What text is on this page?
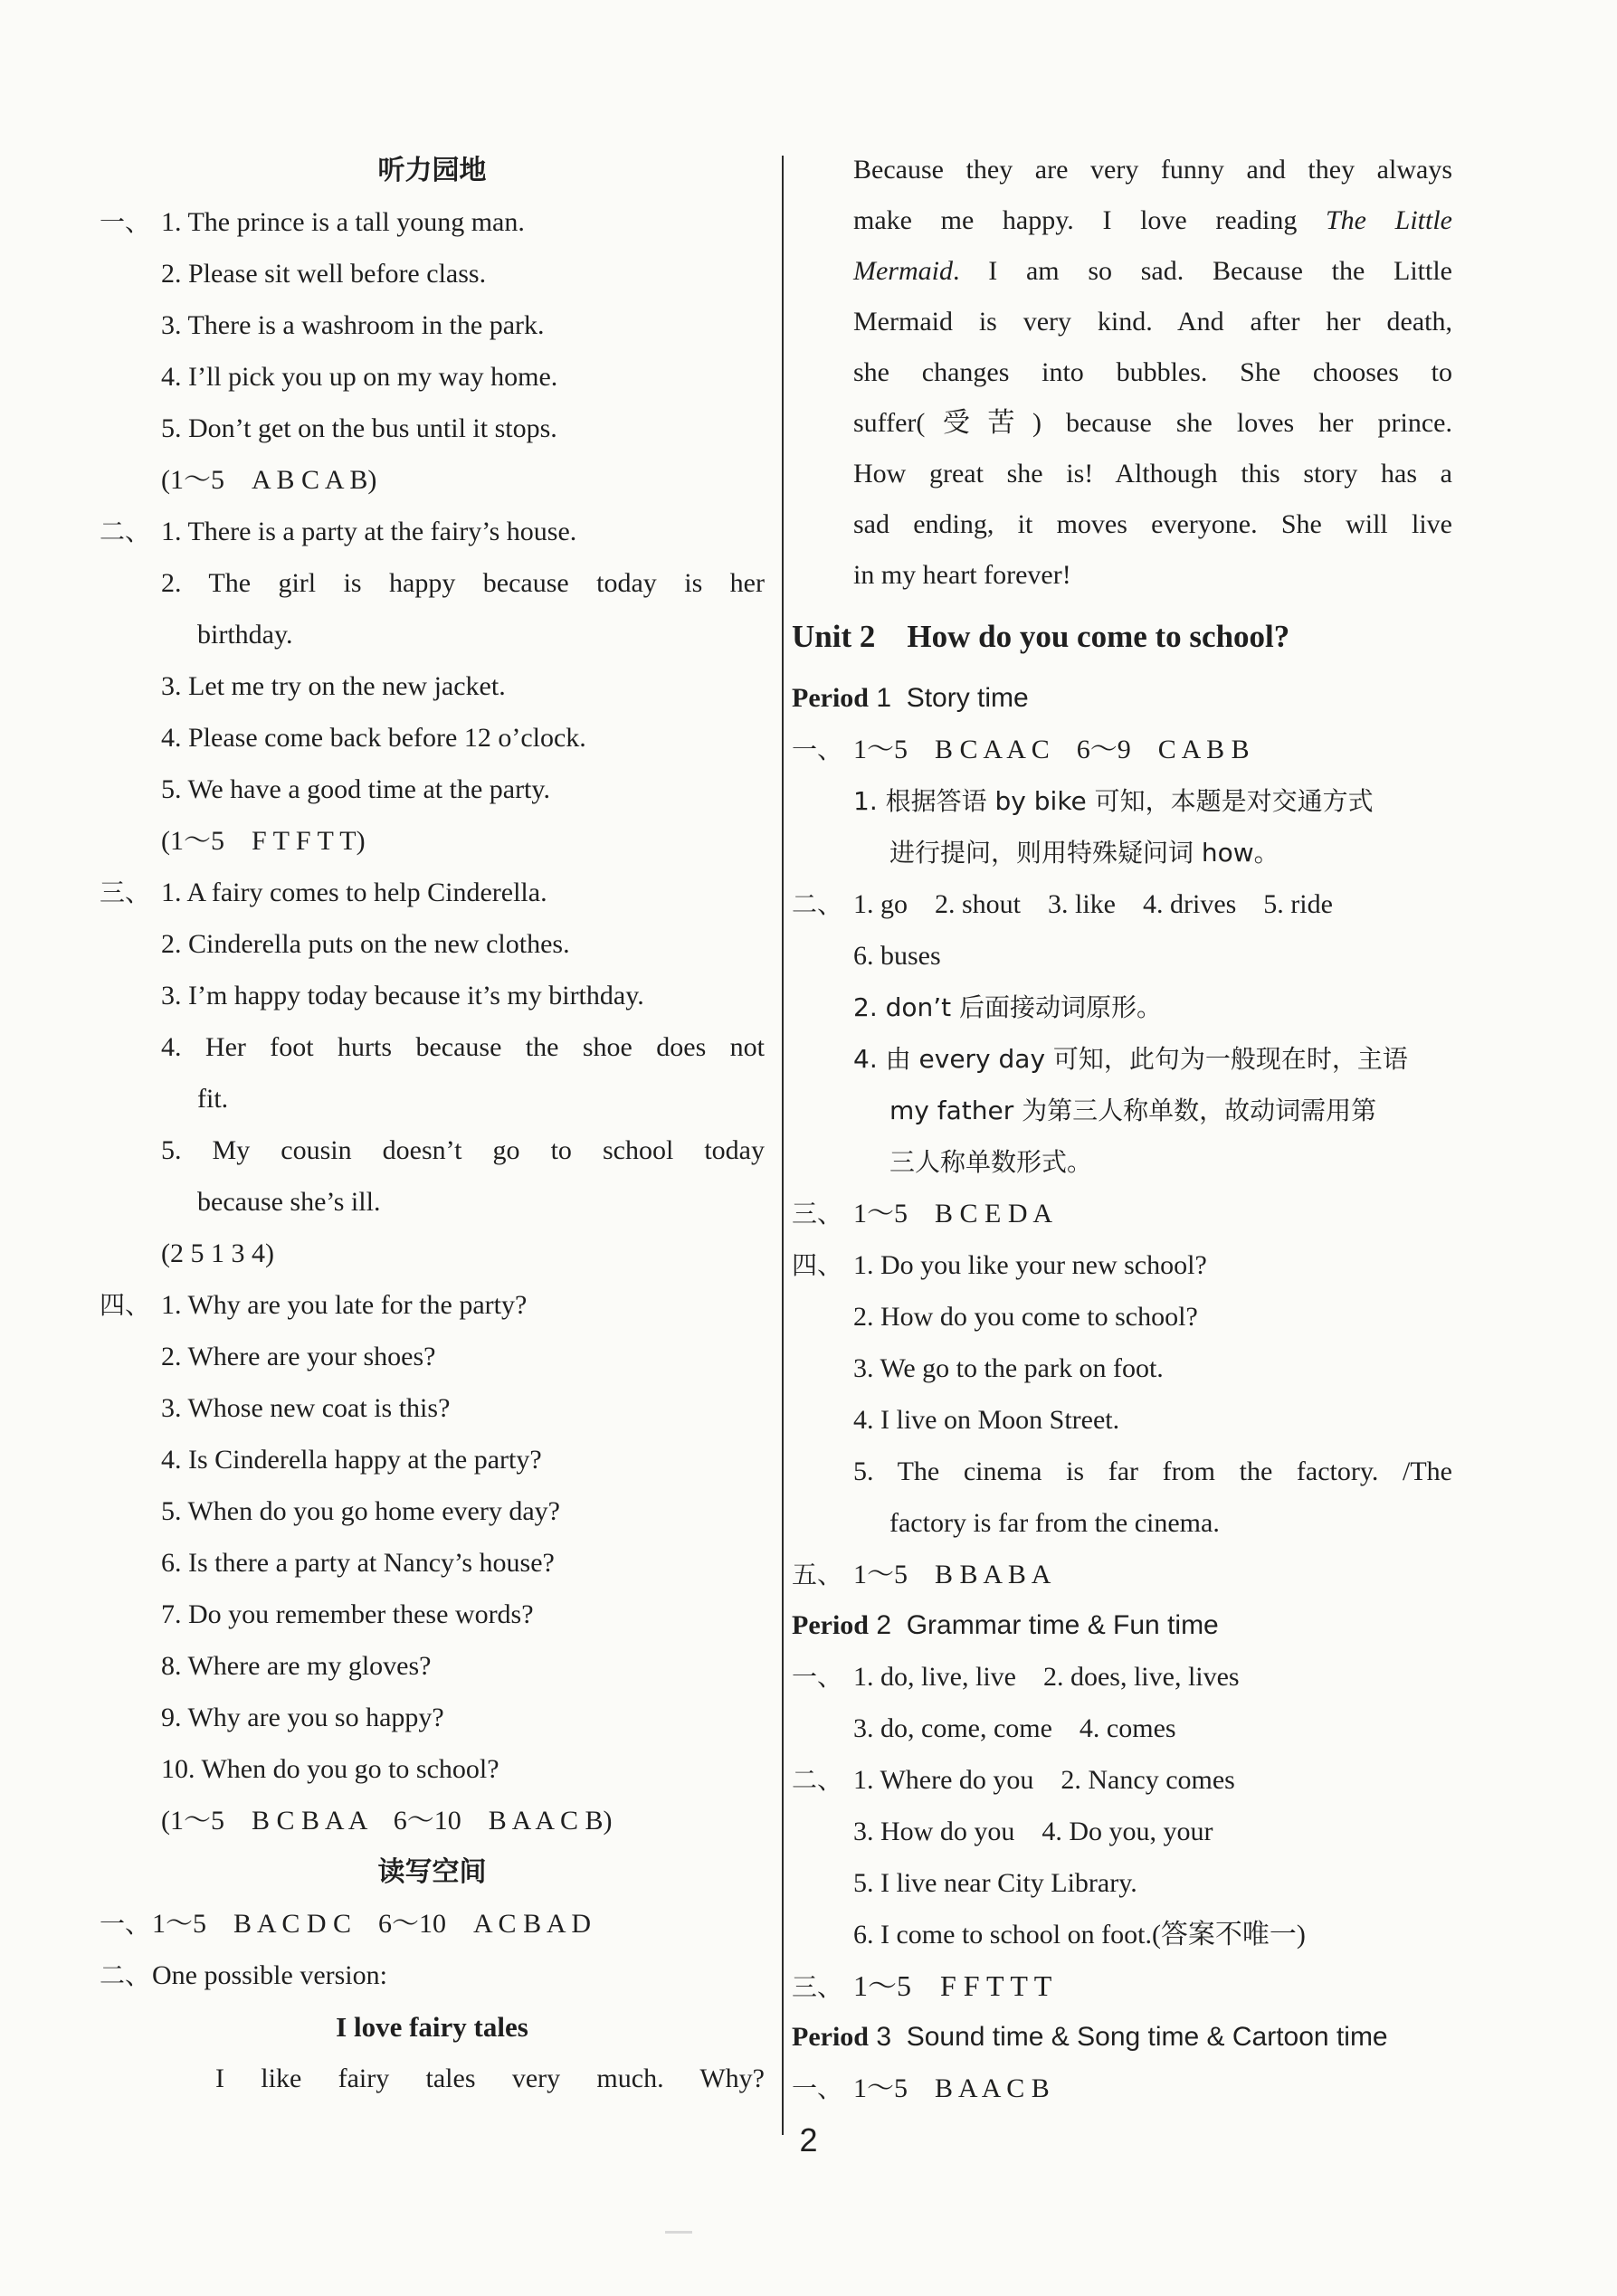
听力园地
一、 1. The prince is a tall young man.
2. Please sit well before class.
3. There is a washroom in the park.
4. I’ll pick you up on my way home.
5. Don’t get on the bus until it stops.
(1～5　A B C A B)
二、 1. There is a party at the fairy’s house.
2. The girl is happy because today is her
birthday.
3. Let me try on the new jacket.
4. Please come back before 12 o’clock.
5. We have a good time at the party.
(1～5　F T F T T)
三、 1. A fairy comes to help Cinderella.
2. Cinderella puts on the new clothes.
3. I’m happy today because it’s my birthday.
4. Her foot hurts because the shoe does not
fit.
5. My cousin doesn’t go to school today
because she’s ill.
(2 5 1 3 4)
四、 1. Why are you late for the party?
2. Where are your shoes?
3. Whose new coat is this?
4. Is Cinderella happy at the party?
5. When do you go home every day?
6. Is there a party at Nancy’s house?
7. Do you remember these words?
8. Where are my gloves?
9. Why are you so happy?
10. When do you go to school?
(1～5　B C B A A　6～10　B A A C B)
读写空间
一、1～5　B A C D C　6～10　A C B A D
二、One possible version:
I love fairy tales
I like fairy tales very much. Why?
Because they are very funny and they always
make me happy. I love reading The Little
Mermaid. I am so sad. Because the Little
Mermaid is very kind. And after her death,
she changes into bubbles. She chooses to
suffer(受苦) because she loves her prince.
How great she is! Although this story has a
sad ending, it moves everyone. She will live
in my heart forever!
Unit 2　How do you come to school?
Period 1 Story time
一、 1～5　B C A A C　6～9　C A B B
1. 根据答语 by bike 可知，本题是对交通方式
进行提问，则用特殊疑问词 how。
二、 1. go　2. shout　3. like　4. drives　5. ride
6. buses
2. don’t 后面接动词原形。
4. 由 every day 可知，此句为一般现在时，主语
my father 为第三人称单数，故动词需用第
三人称单数形式。
三、 1～5　B C E D A
四、 1. Do you like your new school?
2. How do you come to school?
3. We go to the park on foot.
4. I live on Moon Street.
5. The cinema is far from the factory. /The
factory is far from the cinema.
五、 1～5　B B A B A
Period 2 Grammar time & Fun time
一、 1. do, live, live　2. does, live, lives
3. do, come, come　4. comes
二、 1. Where do you　2. Nancy comes
3. How do you　4. Do you, your
5. I live near City Library.
6. I come to school on foot.(答案不唯一)
三、 1～5　F F T T T
Period 3 Sound time & Song time & Cartoon time
一、 1～5　B A A C B
2
